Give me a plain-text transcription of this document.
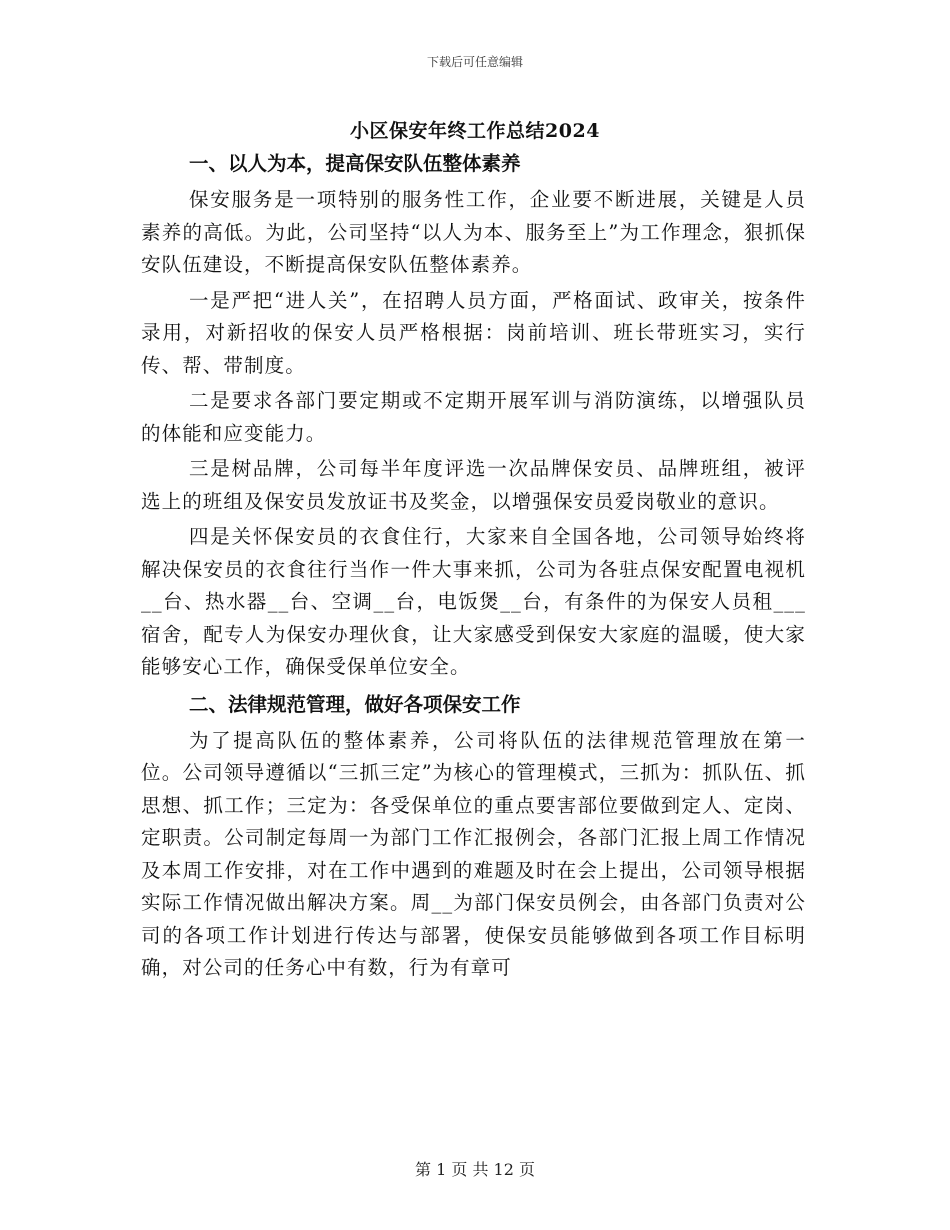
下载后可任意编辑
小区保安年终工作总结2024

一、以人为本，提高保安队伍整体素养

保安服务是一项特别的服务性工作，企业要不断进展，关键是人员素养的高低。为此，公司坚持“以人为本、服务至上”为工作理念，狠抓保安队伍建设，不断提高保安队伍整体素养。

一是严把“进人关”，在招聘人员方面，严格面试、政审关，按条件录用，对新招收的保安人员严格根据：岗前培训、班长带班实习，实行传、帮、带制度。

二是要求各部门要定期或不定期开展军训与消防演练，以增强队员的体能和应变能力。

三是树品牌，公司每半年度评选一次品牌保安员、品牌班组，被评选上的班组及保安员发放证书及奖金，以增强保安员爱岗敬业的意识。

四是关怀保安员的衣食住行，大家来自全国各地，公司领导始终将解决保安员的衣食往行当作一件大事来抓，公司为各驻点保安配置电视机__台、热水器__台、空调__台，电饭煲__台，有条件的为保安人员租___宿舍，配专人为保安办理伙食，让大家感受到保安大家庭的温暖，使大家能够安心工作，确保受保单位安全。

二、法律规范管理，做好各项保安工作

为了提高队伍的整体素养，公司将队伍的法律规范管理放在第一位。公司领导遵循以“三抓三定”为核心的管理模式，三抓为：抓队伍、抓思想、抓工作；三定为：各受保单位的重点要害部位要做到定人、定岗、定职责。公司制定每周一为部门工作汇报例会，各部门汇报上周工作情况及本周工作安排，对在工作中遇到的难题及时在会上提出，公司领导根据实际工作情况做出解决方案。周__为部门保安员例会，由各部门负责对公司的各项工作计划进行传达与部署，使保安员能够做到各项工作目标明确，对公司的任务心中有数，行为有章可

第 1 页 共 12 页
